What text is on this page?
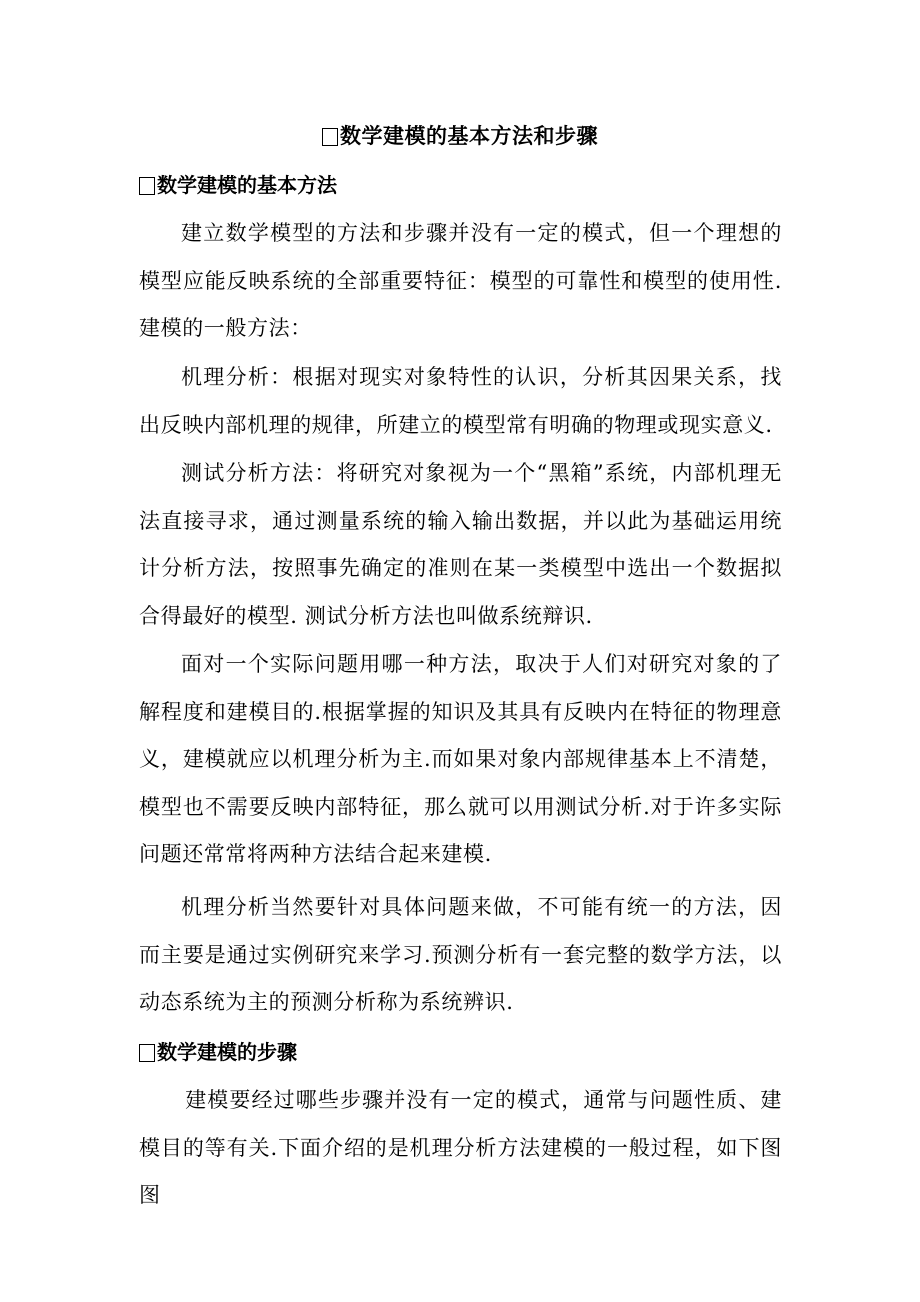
数学建模的基本方法和步骤
数学建模的基本方法

建立数学模型的方法和步骤并没有一定的模式，但一个理想的模型应能反映系统的全部重要特征：模型的可靠性和模型的使用性.建模的一般方法：

机理分析：根据对现实对象特性的认识，分析其因果关系，找出反映内部机理的规律，所建立的模型常有明确的物理或现实意义.

测试分析方法：将研究对象视为一个“黑箱”系统，内部机理无法直接寻求，通过测量系统的输入输出数据，并以此为基础运用统计分析方法，按照事先确定的准则在某一类模型中选出一个数据拟合得最好的模型. 测试分析方法也叫做系统辩识.

面对一个实际问题用哪一种方法，取决于人们对研究对象的了解程度和建模目的.根据掌握的知识及其具有反映内在特征的物理意义，建模就应以机理分析为主.而如果对象内部规律基本上不清楚，模型也不需要反映内部特征，那么就可以用测试分析.对于许多实际问题还常常将两种方法结合起来建模.

机理分析当然要针对具体问题来做，不可能有统一的方法，因而主要是通过实例研究来学习.预测分析有一套完整的数学方法，以动态系统为主的预测分析称为系统辨识.

数学建模的步骤

建模要经过哪些步骤并没有一定的模式，通常与问题性质、建模目的等有关.下面介绍的是机理分析方法建模的一般过程，如下图图
